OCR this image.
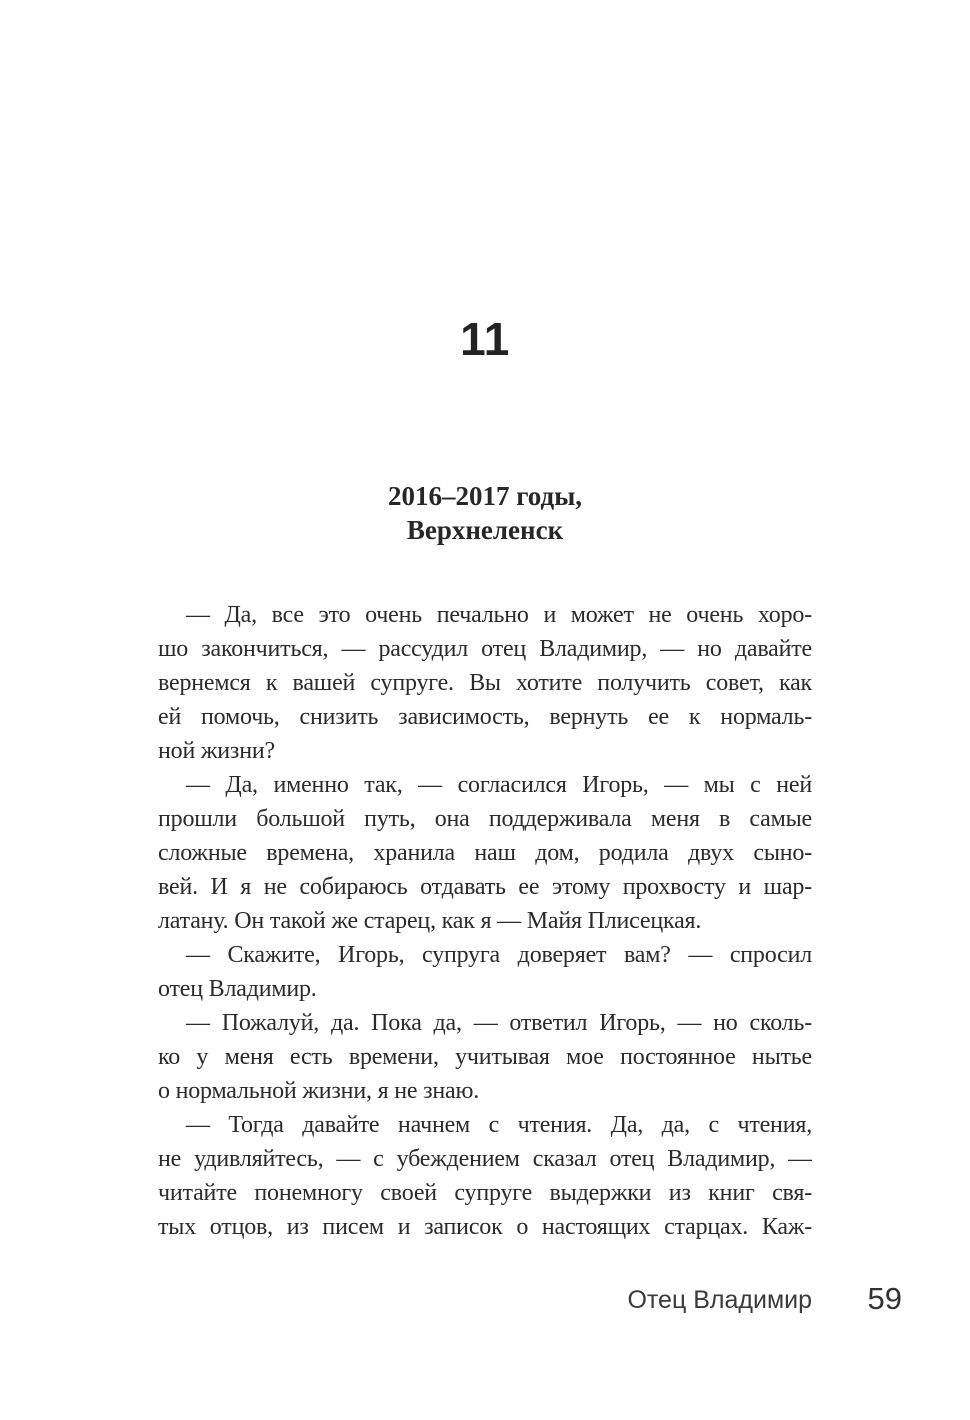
11
2016–2017 годы,
Верхнеленск
— Да, все это очень печально и может не очень хоро-
шо закончиться, — рассудил отец Владимир, — но давайте
вернемся к вашей супруге. Вы хотите получить совет, как
ей помочь, снизить зависимость, вернуть ее к нормаль-
ной жизни?
— Да, именно так, — согласился Игорь, — мы с ней
прошли большой путь, она поддерживала меня в самые
сложные времена, хранила наш дом, родила двух сыно-
вей. И я не собираюсь отдавать ее этому прохвосту и шар-
латану. Он такой же старец, как я — Майя Плисецкая.
— Скажите, Игорь, супруга доверяет вам? — спросил
отец Владимир.
— Пожалуй, да. Пока да, — ответил Игорь, — но сколь-
ко у меня есть времени, учитывая мое постоянное нытье
о нормальной жизни, я не знаю.
— Тогда давайте начнем с чтения. Да, да, с чтения,
не удивляйтесь, — с убеждением сказал отец Владимир, —
читайте понемногу своей супруге выдержки из книг свя-
тых отцов, из писем и записок о настоящих старцах. Каж-
Отец Владимир 59
